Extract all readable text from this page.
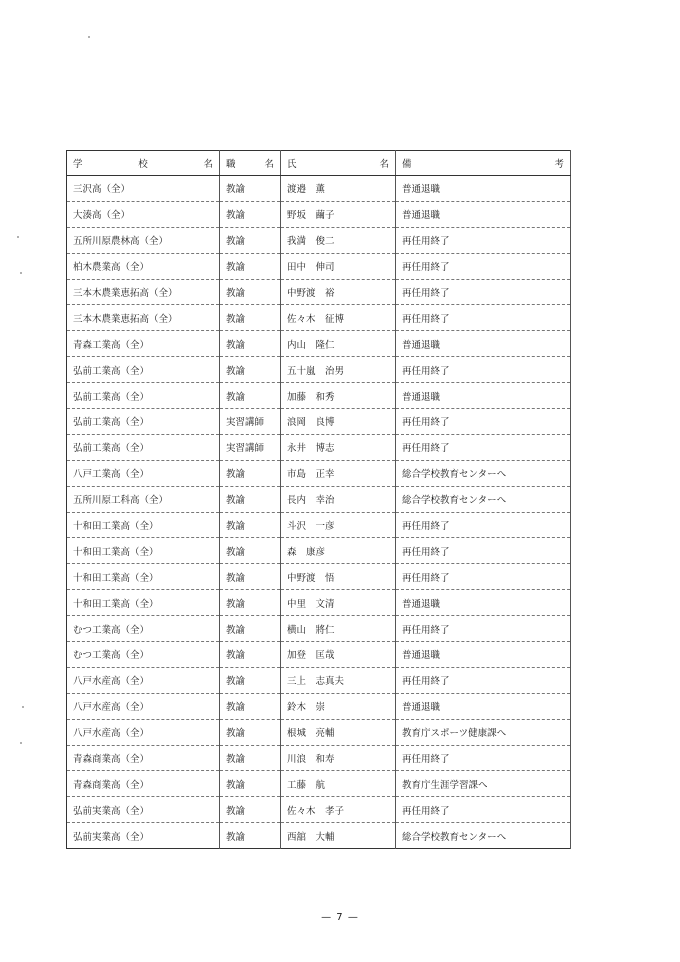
学 校 名	職 名	氏 名	備 考

三沢高（全）	教諭	渡邉　薫	普通退職
大湊高（全）	教諭	野坂　繭子	普通退職
五所川原農林高（全）	教諭	我満　俊二	再任用終了
柏木農業高（全）	教諭	田中　伸司	再任用終了
三本木農業恵拓高（全）	教諭	中野渡　裕	再任用終了
三本木農業恵拓高（全）	教諭	佐々木　征博	再任用終了
青森工業高（全）	教諭	内山　隆仁	普通退職
弘前工業高（全）	教諭	五十嵐　治男	再任用終了
弘前工業高（全）	教諭	加藤　和秀	普通退職
弘前工業高（全）	実習講師	浪岡　良博	再任用終了
弘前工業高（全）	実習講師	永井　博志	再任用終了
八戸工業高（全）	教諭	市島　正幸	総合学校教育センターへ
五所川原工科高（全）	教諭	長内　幸治	総合学校教育センターへ
十和田工業高（全）	教諭	斗沢　一彦	再任用終了
十和田工業高（全）	教諭	森　康彦	再任用終了
十和田工業高（全）	教諭	中野渡　悟	再任用終了
十和田工業高（全）	教諭	中里　文清	普通退職
むつ工業高（全）	教諭	横山　將仁	再任用終了
むつ工業高（全）	教諭	加登　匡哉	普通退職
八戸水産高（全）	教諭	三上　志真夫	再任用終了
八戸水産高（全）	教諭	鈴木　崇	普通退職
八戸水産高（全）	教諭	根城　亮輔	教育庁スポーツ健康課へ
青森商業高（全）	教諭	川浪　和寿	再任用終了
青森商業高（全）	教諭	工藤　航	教育庁生涯学習課へ
弘前実業高（全）	教諭	佐々木　孝子	再任用終了
弘前実業高（全）	教諭	西舘　大輔	総合学校教育センターへ
— 7 —
